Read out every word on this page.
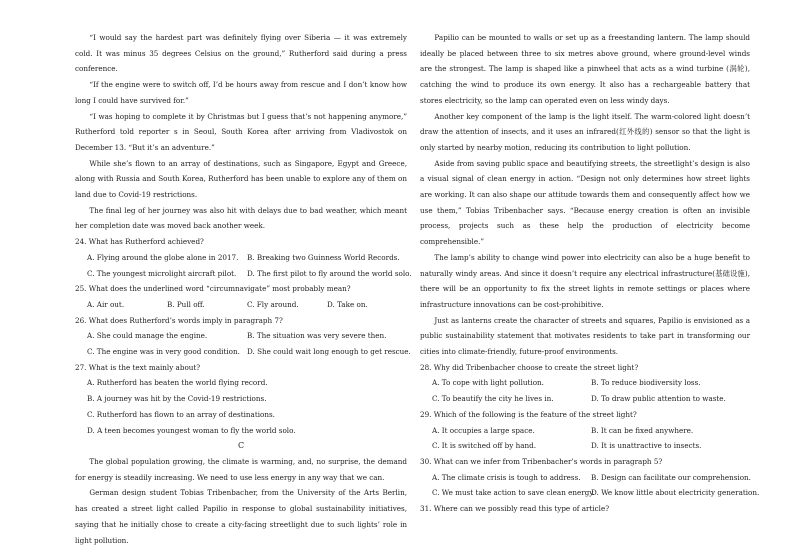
“I would say the hardest part was definitely flying over Siberia — it was extremely cold. It was minus 35 degrees Celsius on the ground,” Rutherford said during a press conference.

“If the engine were to switch off, I’d be hours away from rescue and I don’t know how long I could have survived for.”

“I was hoping to complete it by Christmas but I guess that’s not happening anymore,” Rutherford told reporter s in Seoul, South Korea after arriving from Vladivostok on December 13. “But it’s an adventure.”

While she’s flown to an array of destinations, such as Singapore, Egypt and Greece, along with Russia and South Korea, Rutherford has been unable to explore any of them on land due to Covid-19 restrictions.

The final leg of her journey was also hit with delays due to bad weather, which meant her completion date was moved back another week.

24. What has Rutherford achieved?

A. Flying around the globe alone in 2017.	B. Breaking two Guinness World Records.
C. The youngest microlight aircraft pilot.	D. The first pilot to fly around the world solo.

25. What does the underlined word “circumnavigate” most probably mean?

A. Air out.	B. Pull off.	C. Fly around.	D. Take on.

26. What does Rutherford’s words imply in paragraph 7?

A. She could manage the engine.	B. The situation was very severe then.
C. The engine was in very good condition. D. She could wait long enough to get rescue.

27. What is the text mainly about?

A. Rutherford has beaten the world flying record.
B. A journey was hit by the Covid-19 restrictions.
C. Rutherford has flown to an array of destinations.
D. A teen becomes youngest woman to fly the world solo.

C

The global population growing, the climate is warming, and, no surprise, the demand for energy is steadily increasing. We need to use less energy in any way that we can.

German design student Tobias Tribenbacher, from the University of the Arts Berlin, has created a street light called Papilio in response to global sustainability initiatives, saying that he initially chose to create a city-facing streetlight due to such lights’ role in light pollution.

Papilio can be mounted to walls or set up as a freestanding lantern. The lamp should ideally be placed between three to six metres above ground, where ground-level winds are the strongest. The lamp is shaped like a pinwheel that acts as a wind turbine (涡轮), catching the wind to produce its own energy. It also has a rechargeable battery that stores electricity, so the lamp can operated even on less windy days.

Another key component of the lamp is the light itself. The warm-colored light doesn’t draw the attention of insects, and it uses an infrared(红外线的) sensor so that the light is only started by nearby motion, reducing its contribution to light pollution.

Aside from saving public space and beautifying streets, the streetlight’s design is also a visual signal of clean energy in action. “Design not only determines how street lights are working. It can also shape our attitude towards them and consequently affect how we use them,” Tobias Tribenbacher says. “Because energy creation is often an invisible process, projects such as these help the production of electricity become comprehensible.”

The lamp’s ability to change wind power into electricity can also be a huge benefit to naturally windy areas. And since it doesn’t require any electrical infrastructure(基础设施), there will be an opportunity to fix the street lights in remote settings or places where infrastructure innovations can be cost-prohibitive.

Just as lanterns create the character of streets and squares, Papilio is envisioned as a public sustainability statement that motivates residents to take part in transforming our cities into climate-friendly, future-proof environments.

28. Why did Tribenbacher choose to create the street light?

A. To cope with light pollution.	B. To reduce biodiversity loss.
C. To beautify the city he lives in.	D. To draw public attention to waste.

29. Which of the following is the feature of the street light?

A. It occupies a large space.	B. It can be fixed anywhere.
C. It is switched off by hand.	D. It is unattractive to insects.

30. What can we infer from Tribenbacher’s words in paragraph 5?

A. The climate crisis is tough to address.	B. Design can facilitate our comprehension.
C. We must take action to save clean energy.
D. We know little about electricity generation.

31. Where can we possibly read this type of article?
